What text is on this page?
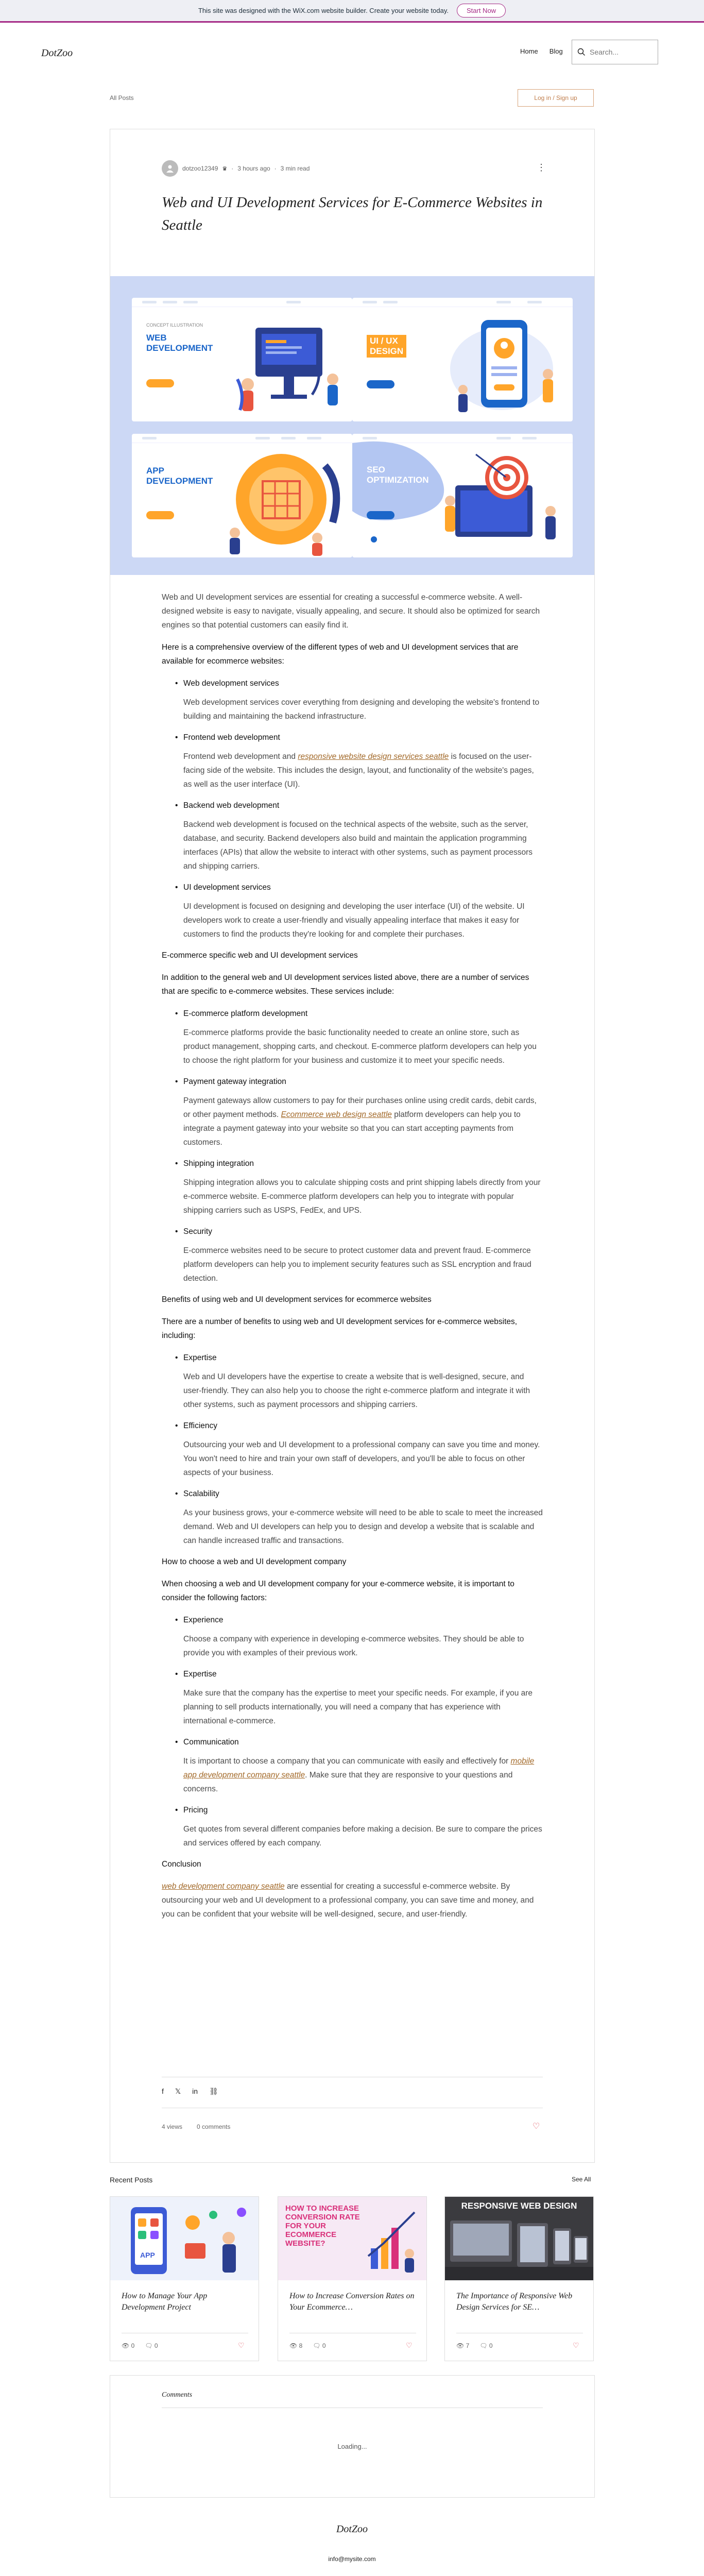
This site was designed with the WiX.com website builder. Create your website today.	Start Now
DotZoo	Home Blog	Search...
All Posts	Log in / Sign up
dotzoo12349 ♛ · 3 hours ago · 3 min read	⋮
Web and UI Development Services for E-Commerce Websites in Seattle
CONCEPT ILLUSTRATION
WEB
DEVELOPMENT
UI / UX
DESIGN
APP
DEVELOPMENT
SEO
OPTIMIZATION

Web and UI development services are essential for creating a successful e-commerce website. A well-designed website is easy to navigate, visually appealing, and secure. It should also be optimized for search engines so that potential customers can easily find it.

Here is a comprehensive overview of the different types of web and UI development services that are available for ecommerce websites:

• Web development services

Web development services cover everything from designing and developing the website's frontend to building and maintaining the backend infrastructure.

• Frontend web development

Frontend web development and responsive website design services seattle is focused on the user-facing side of the website. This includes the design, layout, and functionality of the website's pages, as well as the user interface (UI).

• Backend web development

Backend web development is focused on the technical aspects of the website, such as the server, database, and security. Backend developers also build and maintain the application programming interfaces (APIs) that allow the website to interact with other systems, such as payment processors and shipping carriers.

• UI development services

UI development is focused on designing and developing the user interface (UI) of the website. UI developers work to create a user-friendly and visually appealing interface that makes it easy for customers to find the products they're looking for and complete their purchases.

E-commerce specific web and UI development services

In addition to the general web and UI development services listed above, there are a number of services that are specific to e-commerce websites. These services include:

• E-commerce platform development

E-commerce platforms provide the basic functionality needed to create an online store, such as product management, shopping carts, and checkout. E-commerce platform developers can help you to choose the right platform for your business and customize it to meet your specific needs.

• Payment gateway integration

Payment gateways allow customers to pay for their purchases online using credit cards, debit cards, or other payment methods. Ecommerce web design seattle platform developers can help you to integrate a payment gateway into your website so that you can start accepting payments from customers.

• Shipping integration

Shipping integration allows you to calculate shipping costs and print shipping labels directly from your e-commerce website. E-commerce platform developers can help you to integrate with popular shipping carriers such as USPS, FedEx, and UPS.

• Security

E-commerce websites need to be secure to protect customer data and prevent fraud. E-commerce platform developers can help you to implement security features such as SSL encryption and fraud detection.

Benefits of using web and UI development services for ecommerce websites

There are a number of benefits to using web and UI development services for e-commerce websites, including:

• Expertise

Web and UI developers have the expertise to create a website that is well-designed, secure, and user-friendly. They can also help you to choose the right e-commerce platform and integrate it with other systems, such as payment processors and shipping carriers.

• Efficiency

Outsourcing your web and UI development to a professional company can save you time and money. You won't need to hire and train your own staff of developers, and you'll be able to focus on other aspects of your business.

• Scalability

As your business grows, your e-commerce website will need to be able to scale to meet the increased demand. Web and UI developers can help you to design and develop a website that is scalable and can handle increased traffic and transactions.

How to choose a web and UI development company

When choosing a web and UI development company for your e-commerce website, it is important to consider the following factors:

• Experience

Choose a company with experience in developing e-commerce websites. They should be able to provide you with examples of their previous work.

• Expertise

Make sure that the company has the expertise to meet your specific needs. For example, if you are planning to sell products internationally, you will need a company that has experience with international e-commerce.

• Communication

It is important to choose a company that you can communicate with easily and effectively for mobile app development company seattle. Make sure that they are responsive to your questions and concerns.

• Pricing

Get quotes from several different companies before making a decision. Be sure to compare the prices and services offered by each company.

Conclusion

web development company seattle are essential for creating a successful e-commerce website. By outsourcing your web and UI development to a professional company, you can save time and money, and you can be confident that your website will be well-designed, secure, and user-friendly.

f 𝕏 in ⛓
4 views 0 comments	♡
Recent Posts	See All
APP
How to Manage Your App Development Project
👁 0 🗨 0	♡
HOW TO INCREASE CONVERSION RATE FOR YOUR ECOMMERCE WEBSITE?
How to Increase Conversion Rates on Your Ecommerce…
👁 8 🗨 0	♡
RESPONSIVE WEB DESIGN
The Importance of Responsive Web Design Services for SE…
👁 7 🗨 0	♡
Comments
Loading...
DotZoo
info@mysite.com
